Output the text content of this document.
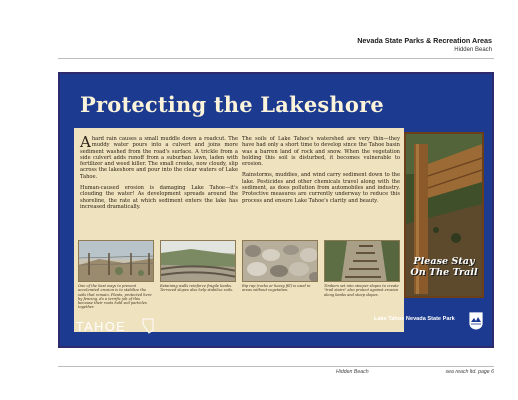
Nevada State Parks & Recreation Areas
Hidden Beach
Protecting the Lakeshore

Ahard rain causes a small muddle down a roadcut. The muddy water pours into a culvert and joins more sediment washed from the road's surface. A trickle from a side culvert adds runoff from a suburban lawn, laden with fertilizer and weed killer. The small creeks, now cloudy, slip across the lakeshore and pour into the clear waters of Lake Tahoe.

Human-caused erosion is damaging Lake Tahoe—it's clouding the water! As development spreads around the shoreline, the rate at which sediment enters the lake has increased dramatically.

The soils of Lake Tahoe's watershed are very thin—they have had only a short time to develop since the Tahoe basin was a barren land of rock and snow. When the vegetation holding this soil is disturbed, it becomes vulnerable to erosion.

Rainstorms, muddies, and wind carry sediment down to the lake. Pesticides and other chemicals travel along with the sediment, as does pollution from automobiles and industry. Protective measures are currently underway to reduce this process and ensure Lake Tahoe's clarity and beauty.

One of the best ways to prevent accelerated erosion is to stabilize the soils that remain. Plants, protected here by fencing, do a terrific job of this because their roots hold soil particles together.
Retaining walls reinforce fragile banks. Terraced slopes also help stabilize soils.
Rip rap (rocks or heavy fill) is used in areas without vegetation.
Timbers set into steeper slopes to create "trail stairs" also protect against erosion along banks and steep slopes.
Please Stay
On The Trail
TAHOE
Lake Tahoe Nevada State Park
Hidden Beach	sea reach ltd. page 6
